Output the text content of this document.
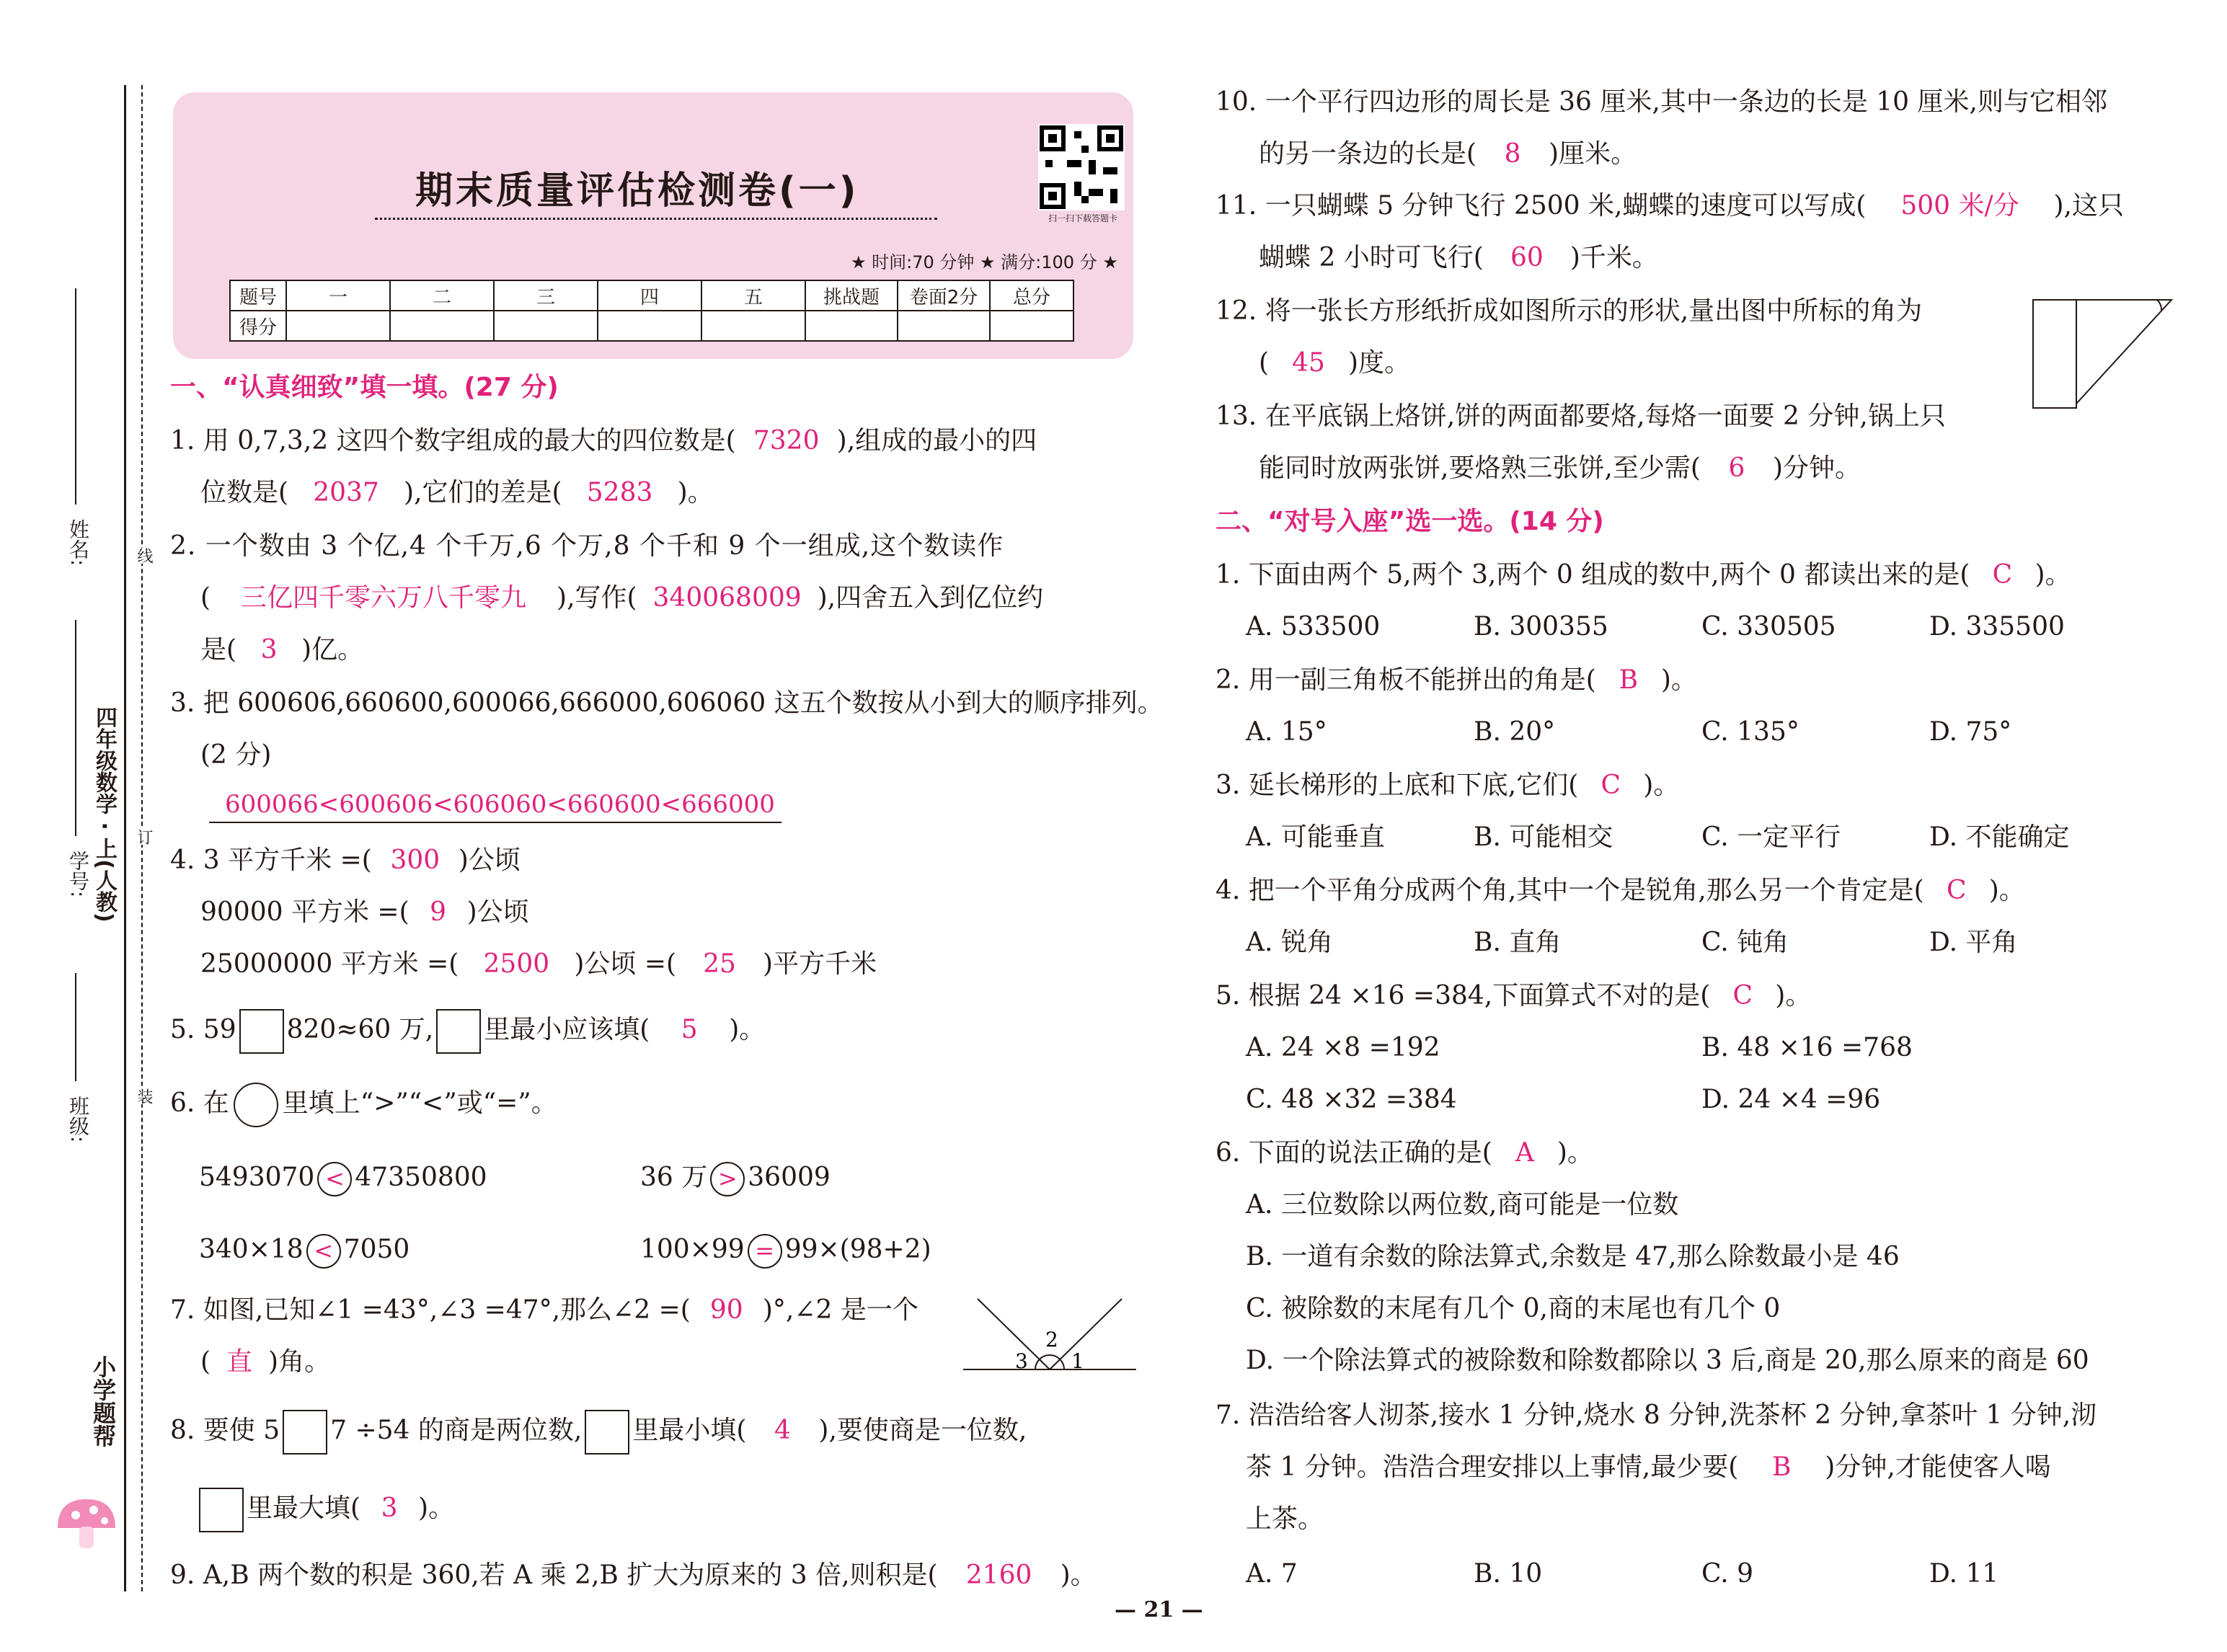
姓名:
学号: 四年级数学 · 上(人教)
班级:
小学题帮
线
订
装
期末质量评估检测卷(一)
扫一扫下载答题卡
★ 时间:70 分钟 ★ 满分:100 分 ★
题号	一	二	三	四	五	挑战题	卷面2分	总分
得分								
一、“认真细致”填一填。(27 分)
1. 用 0,7,3,2 这四个数字组成的最大的四位数是( 7320 ),组成的最小的四
位数是( 2037 ),它们的差是( 5283 )。
2. 一个数由 3 个亿,4 个千万,6 个万,8 个千和 9 个一组成,这个数读作
( 三亿四千零六万八千零九 ),写作( 340068009 ),四舍五入到亿位约
是( 3 )亿。
3. 把 600606,660600,600066,666000,606060 这五个数按从小到大的顺序排列。
(2 分)
600066<600606<606060<660600<666000
4. 3 平方千米 =( 300 )公顷
90000 平方米 =( 9 )公顷
25000000 平方米 =( 2500 )公顷 =( 25 )平方千米
5. 59 820≈60 万, 里最小应该填( 5 )。
6. 在 里填上“>”“<”或“=”。
5493070 < 47350800	36 万 > 36009
340×18 < 7050	100×99 = 99×(98+2)
7. 如图,已知∠1 =43°,∠3 =47°,那么∠2 =( 90 )°,∠2 是一个
( 直 )角。
2
3 1
8. 要使 5 7 ÷54 的商是两位数, 里最小填( 4 ),要使商是一位数,
里最大填( 3 )。
9. A,B 两个数的积是 360,若 A 乘 2,B 扩大为原来的 3 倍,则积是( 2160 )。
10. 一个平行四边形的周长是 36 厘米,其中一条边的长是 10 厘米,则与它相邻
的另一条边的长是( 8 )厘米。
11. 一只蝴蝶 5 分钟飞行 2500 米,蝴蝶的速度可以写成( 500 米/分 ),这只
蝴蝶 2 小时可飞行( 60 )千米。
12. 将一张长方形纸折成如图所示的形状,量出图中所标的角为
( 45 )度。
13. 在平底锅上烙饼,饼的两面都要烙,每烙一面要 2 分钟,锅上只
能同时放两张饼,要烙熟三张饼,至少需( 6 )分钟。
二、“对号入座”选一选。(14 分)
1. 下面由两个 5,两个 3,两个 0 组成的数中,两个 0 都读出来的是( C )。
A. 533500	B. 300355	C. 330505	D. 335500
2. 用一副三角板不能拼出的角是( B )。
A. 15°	B. 20°	C. 135°	D. 75°
3. 延长梯形的上底和下底,它们( C )。
A. 可能垂直	B. 可能相交	C. 一定平行	D. 不能确定
4. 把一个平角分成两个角,其中一个是锐角,那么另一个肯定是( C )。
A. 锐角	B. 直角	C. 钝角	D. 平角
5. 根据 24 ×16 =384,下面算式不对的是( C )。
A. 24 ×8 =192	B. 48 ×16 =768
C. 48 ×32 =384	D. 24 ×4 =96
6. 下面的说法正确的是( A )。
A. 三位数除以两位数,商可能是一位数
B. 一道有余数的除法算式,余数是 47,那么除数最小是 46
C. 被除数的末尾有几个 0,商的末尾也有几个 0
D. 一个除法算式的被除数和除数都除以 3 后,商是 20,那么原来的商是 60
7. 浩浩给客人沏茶,接水 1 分钟,烧水 8 分钟,洗茶杯 2 分钟,拿茶叶 1 分钟,沏
茶 1 分钟。浩浩合理安排以上事情,最少要( B )分钟,才能使客人喝
上茶。
A. 7	B. 10	C. 9	D. 11
— 21 —
